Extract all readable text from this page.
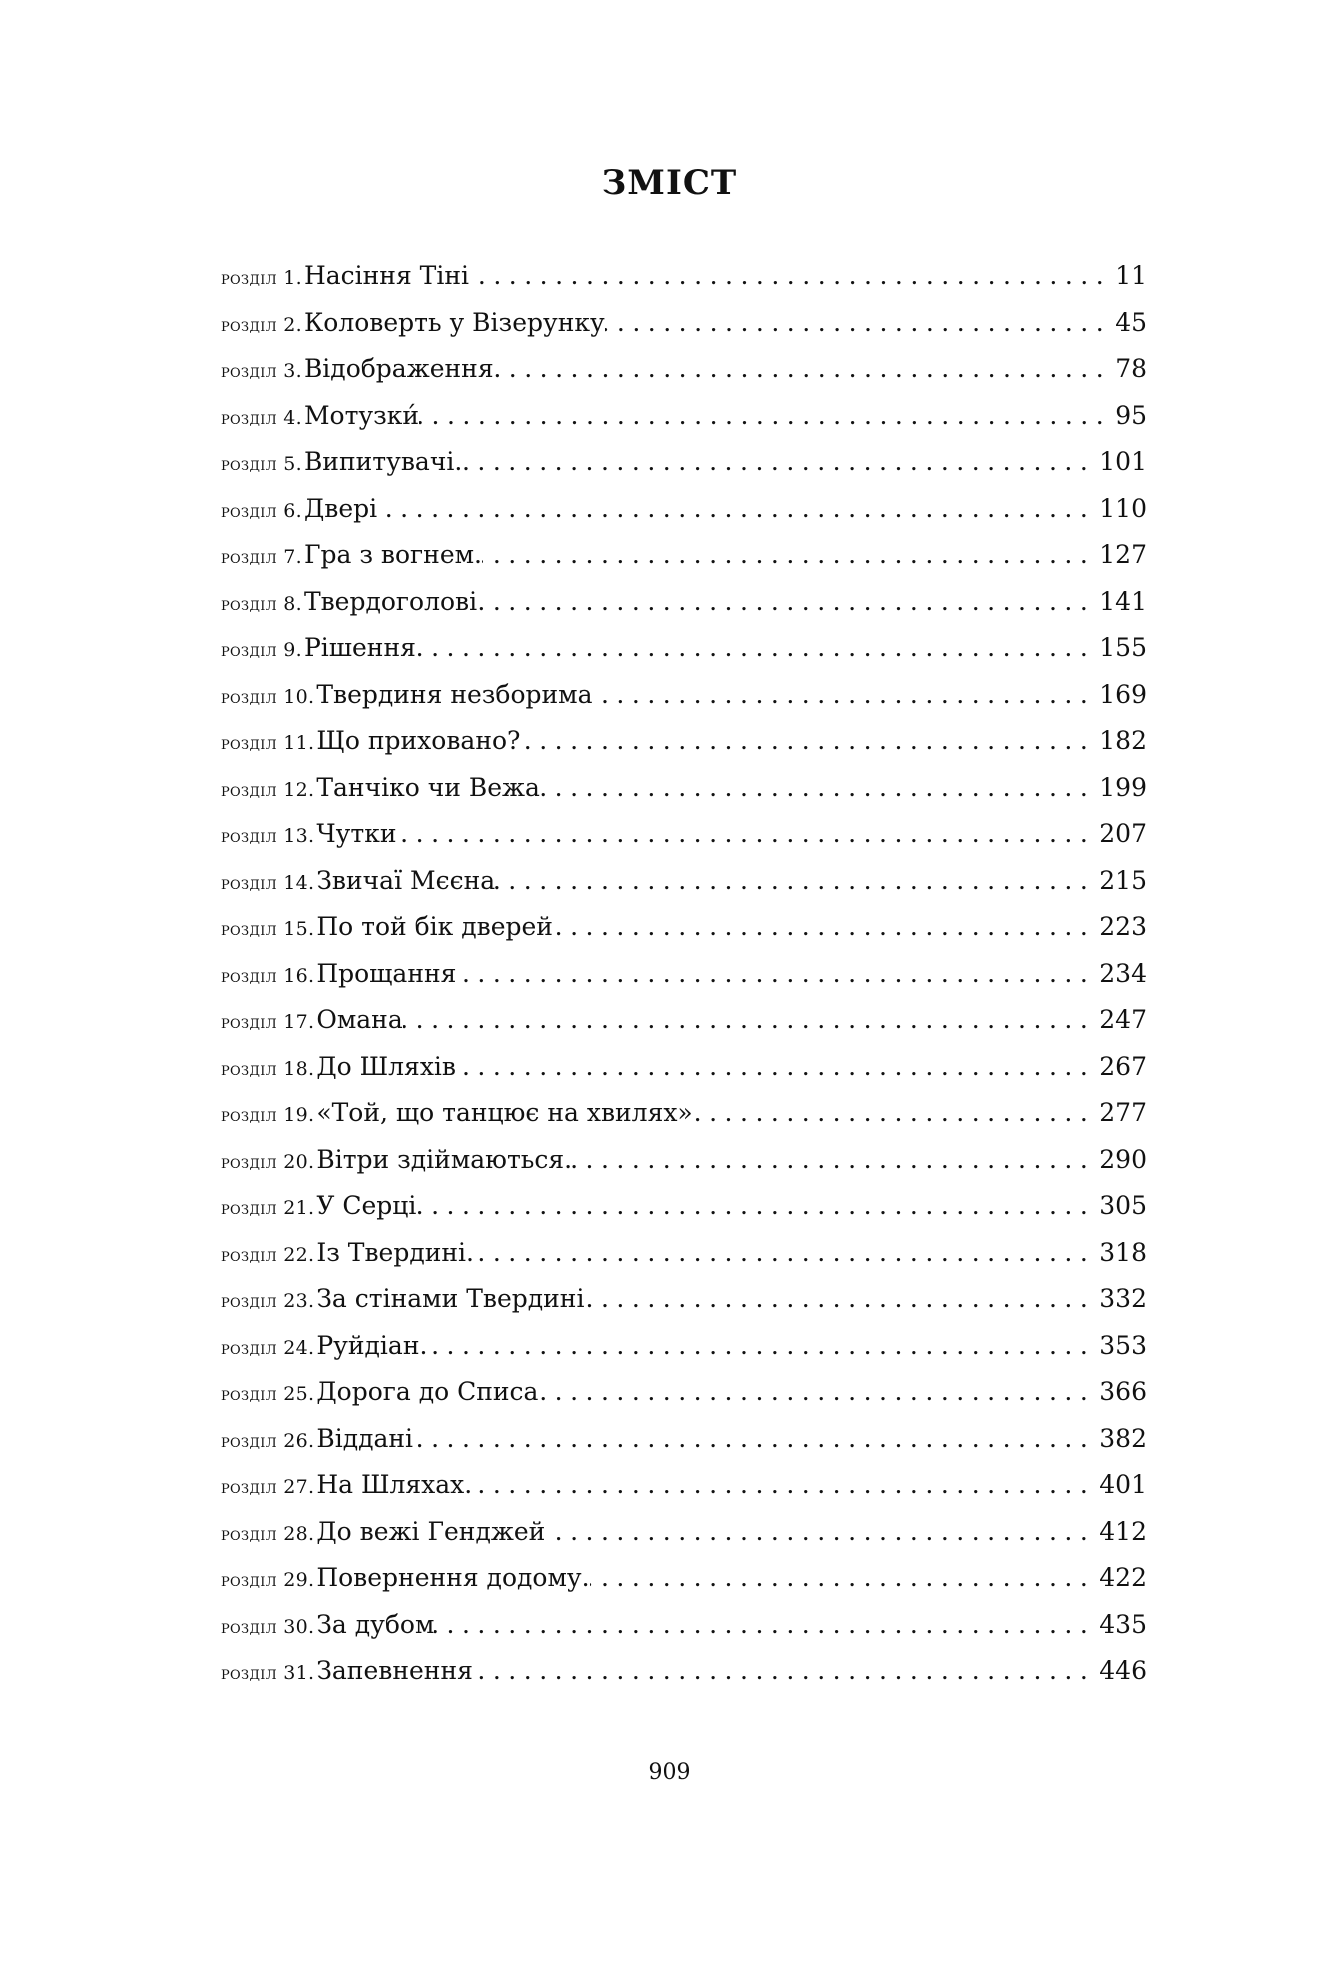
ЗМІСТ
розділ 1. Насіння Тіні .....	11
розділ 2. Коловерть у Візерунку .....	45
розділ 3. Відображення .....	78
розділ 4. Мотузки́ .....	95
розділ 5. Випитувачі. .....	101
розділ 6. Двері .....	110
розділ 7. Гра з вогнем. .....	127
розділ 8. Твердоголові .....	141
розділ 9. Рішення .....	155
розділ 10. Твердиня незборима .....	169
розділ 11. Що приховано? .....	182
розділ 12. Танчіко чи Вежа .....	199
розділ 13. Чутки .....	207
розділ 14. Звичаї Мєєна .....	215
розділ 15. По той бік дверей .....	223
розділ 16. Прощання .....	234
розділ 17. Омана .....	247
розділ 18. До Шляхів .....	267
розділ 19. «Той, що танцює на хвилях» .....	277
розділ 20. Вітри здіймаються. .....	290
розділ 21. У Серці .....	305
розділ 22. Із Твердині. .....	318
розділ 23. За стінами Твердині .....	332
розділ 24. Руйдіан. .....	353
розділ 25. Дорога до Списа .....	366
розділ 26. Віддані .....	382
розділ 27. На Шляхах. .....	401
розділ 28. До вежі Генджей .....	412
розділ 29. Повернення додому. .....	422
розділ 30. За дубом .....	435
розділ 31. Запевнення .....	446

909
